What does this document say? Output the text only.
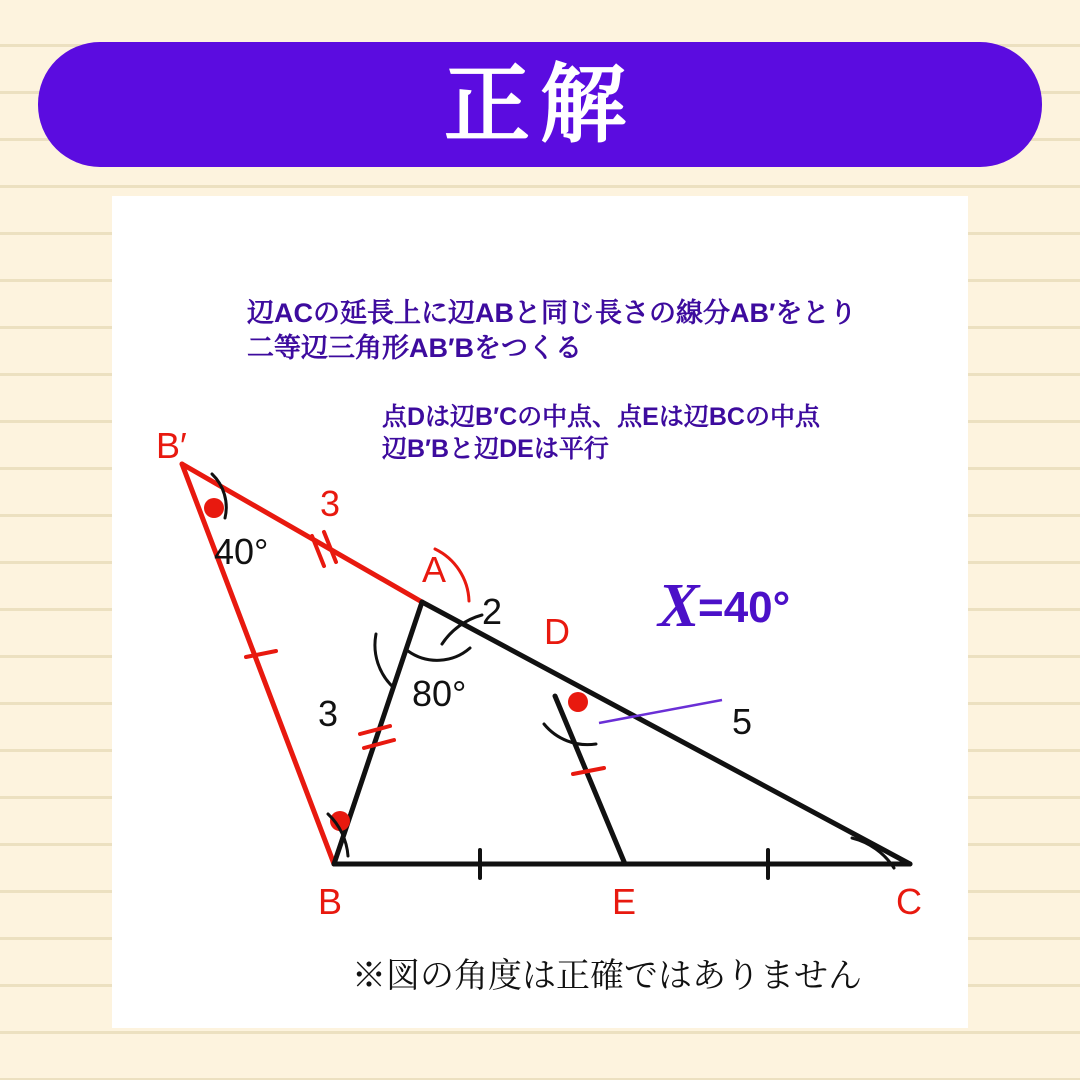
正解
辺ACの延長上に辺ABと同じ長さの線分AB′をとり
二等辺三角形AB′Bをつくる
点Dは辺B′Cの中点、点Eは辺BCの中点
辺B′Bと辺DEは平行
B′
A
D
B	E	C
3
3
2
5
40°
80°
X
=40°
※図の角度は正確ではありません
